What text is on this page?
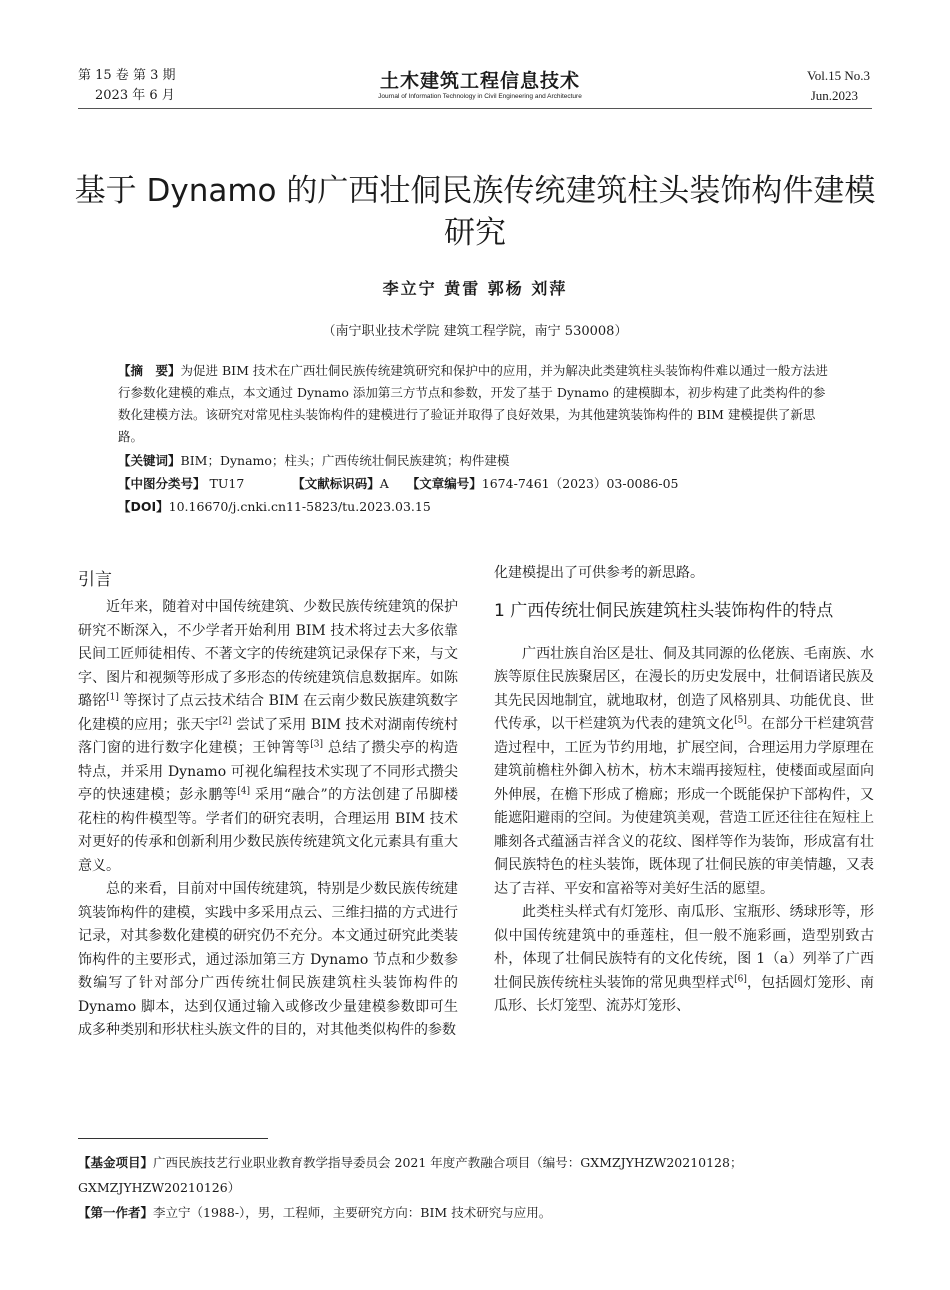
第 15 卷 第 3 期
2023 年 6 月
土木建筑工程信息技术
Journal of Information Technology in Civil Engineering and Architecture
Vol.15 No.3
Jun.2023
基于 Dynamo 的广西壮侗民族传统建筑柱头装饰构件建模研究
李立宁 黄雷 郭杨 刘萍
（南宁职业技术学院 建筑工程学院，南宁 530008）

【摘　要】为促进 BIM 技术在广西壮侗民族传统建筑研究和保护中的应用，并为解决此类建筑柱头装饰构件难以通过一般方法进行参数化建模的难点，本文通过 Dynamo 添加第三方节点和参数，开发了基于 Dynamo 的建模脚本，初步构建了此类构件的参数化建模方法。该研究对常见柱头装饰构件的建模进行了验证并取得了良好效果，为其他建筑装饰构件的 BIM 建模提供了新思路。

【关键词】BIM；Dynamo；柱头；广西传统壮侗民族建筑；构件建模
【中图分类号】 TU17	【文献标识码】A 【文章编号】1674-7461（2023）03-0086-05
【DOI】10.16670/j.cnki.cn11-5823/tu.2023.03.15
引言

近年来，随着对中国传统建筑、少数民族传统建筑的保护研究不断深入，不少学者开始利用 BIM 技术将过去大多依靠民间工匠师徒相传、不著文字的传统建筑记录保存下来，与文字、图片和视频等形成了多形态的传统建筑信息数据库。如陈璐铭[1] 等探讨了点云技术结合 BIM 在云南少数民族建筑数字化建模的应用；张天宇[2] 尝试了采用 BIM 技术对湖南传统村落门窗的进行数字化建模；王钟箐等[3] 总结了攒尖亭的构造特点，并采用 Dynamo 可视化编程技术实现了不同形式攒尖亭的快速建模；彭永鹏等[4] 采用“融合”的方法创建了吊脚楼花柱的构件模型等。学者们的研究表明，合理运用 BIM 技术对更好的传承和创新利用少数民族传统建筑文化元素具有重大意义。

总的来看，目前对中国传统建筑，特别是少数民族传统建筑装饰构件的建模，实践中多采用点云、三维扫描的方式进行记录，对其参数化建模的研究仍不充分。本文通过研究此类装饰构件的主要形式，通过添加第三方 Dynamo 节点和少数参数编写了针对部分广西传统壮侗民族建筑柱头装饰构件的 Dynamo 脚本，达到仅通过输入或修改少量建模参数即可生成多种类别和形状柱头族文件的目的，对其他类似构件的参数

化建模提出了可供参考的新思路。

1 广西传统壮侗民族建筑柱头装饰构件的特点

广西壮族自治区是壮、侗及其同源的仫佬族、毛南族、水族等原住民族聚居区，在漫长的历史发展中，壮侗语诸民族及其先民因地制宜，就地取材，创造了风格别具、功能优良、世代传承，以干栏建筑为代表的建筑文化[5]。在部分干栏建筑营造过程中，工匠为节约用地，扩展空间，合理运用力学原理在建筑前檐柱外御入枋木，枋木末端再接短柱，使楼面或屋面向外伸展，在檐下形成了檐廊；形成一个既能保护下部构件，又能遮阳避雨的空间。为使建筑美观，营造工匠还往往在短柱上雕刻各式蕴涵吉祥含义的花纹、图样等作为装饰，形成富有壮侗民族特色的柱头装饰，既体现了壮侗民族的审美情趣，又表达了吉祥、平安和富裕等对美好生活的愿望。

此类柱头样式有灯笼形、南瓜形、宝瓶形、绣球形等，形似中国传统建筑中的垂莲柱，但一般不施彩画，造型别致古朴，体现了壮侗民族特有的文化传统，图 1（a）列举了广西壮侗民族传统柱头装饰的常见典型样式[6]，包括圆灯笼形、南瓜形、长灯笼型、流苏灯笼形、

【基金项目】广西民族技艺行业职业教育教学指导委员会 2021 年度产教融合项目（编号：GXMZJYHZW20210128；GXMZJYHZW20210126）

【第一作者】李立宁（1988-），男，工程师，主要研究方向：BIM 技术研究与应用。
